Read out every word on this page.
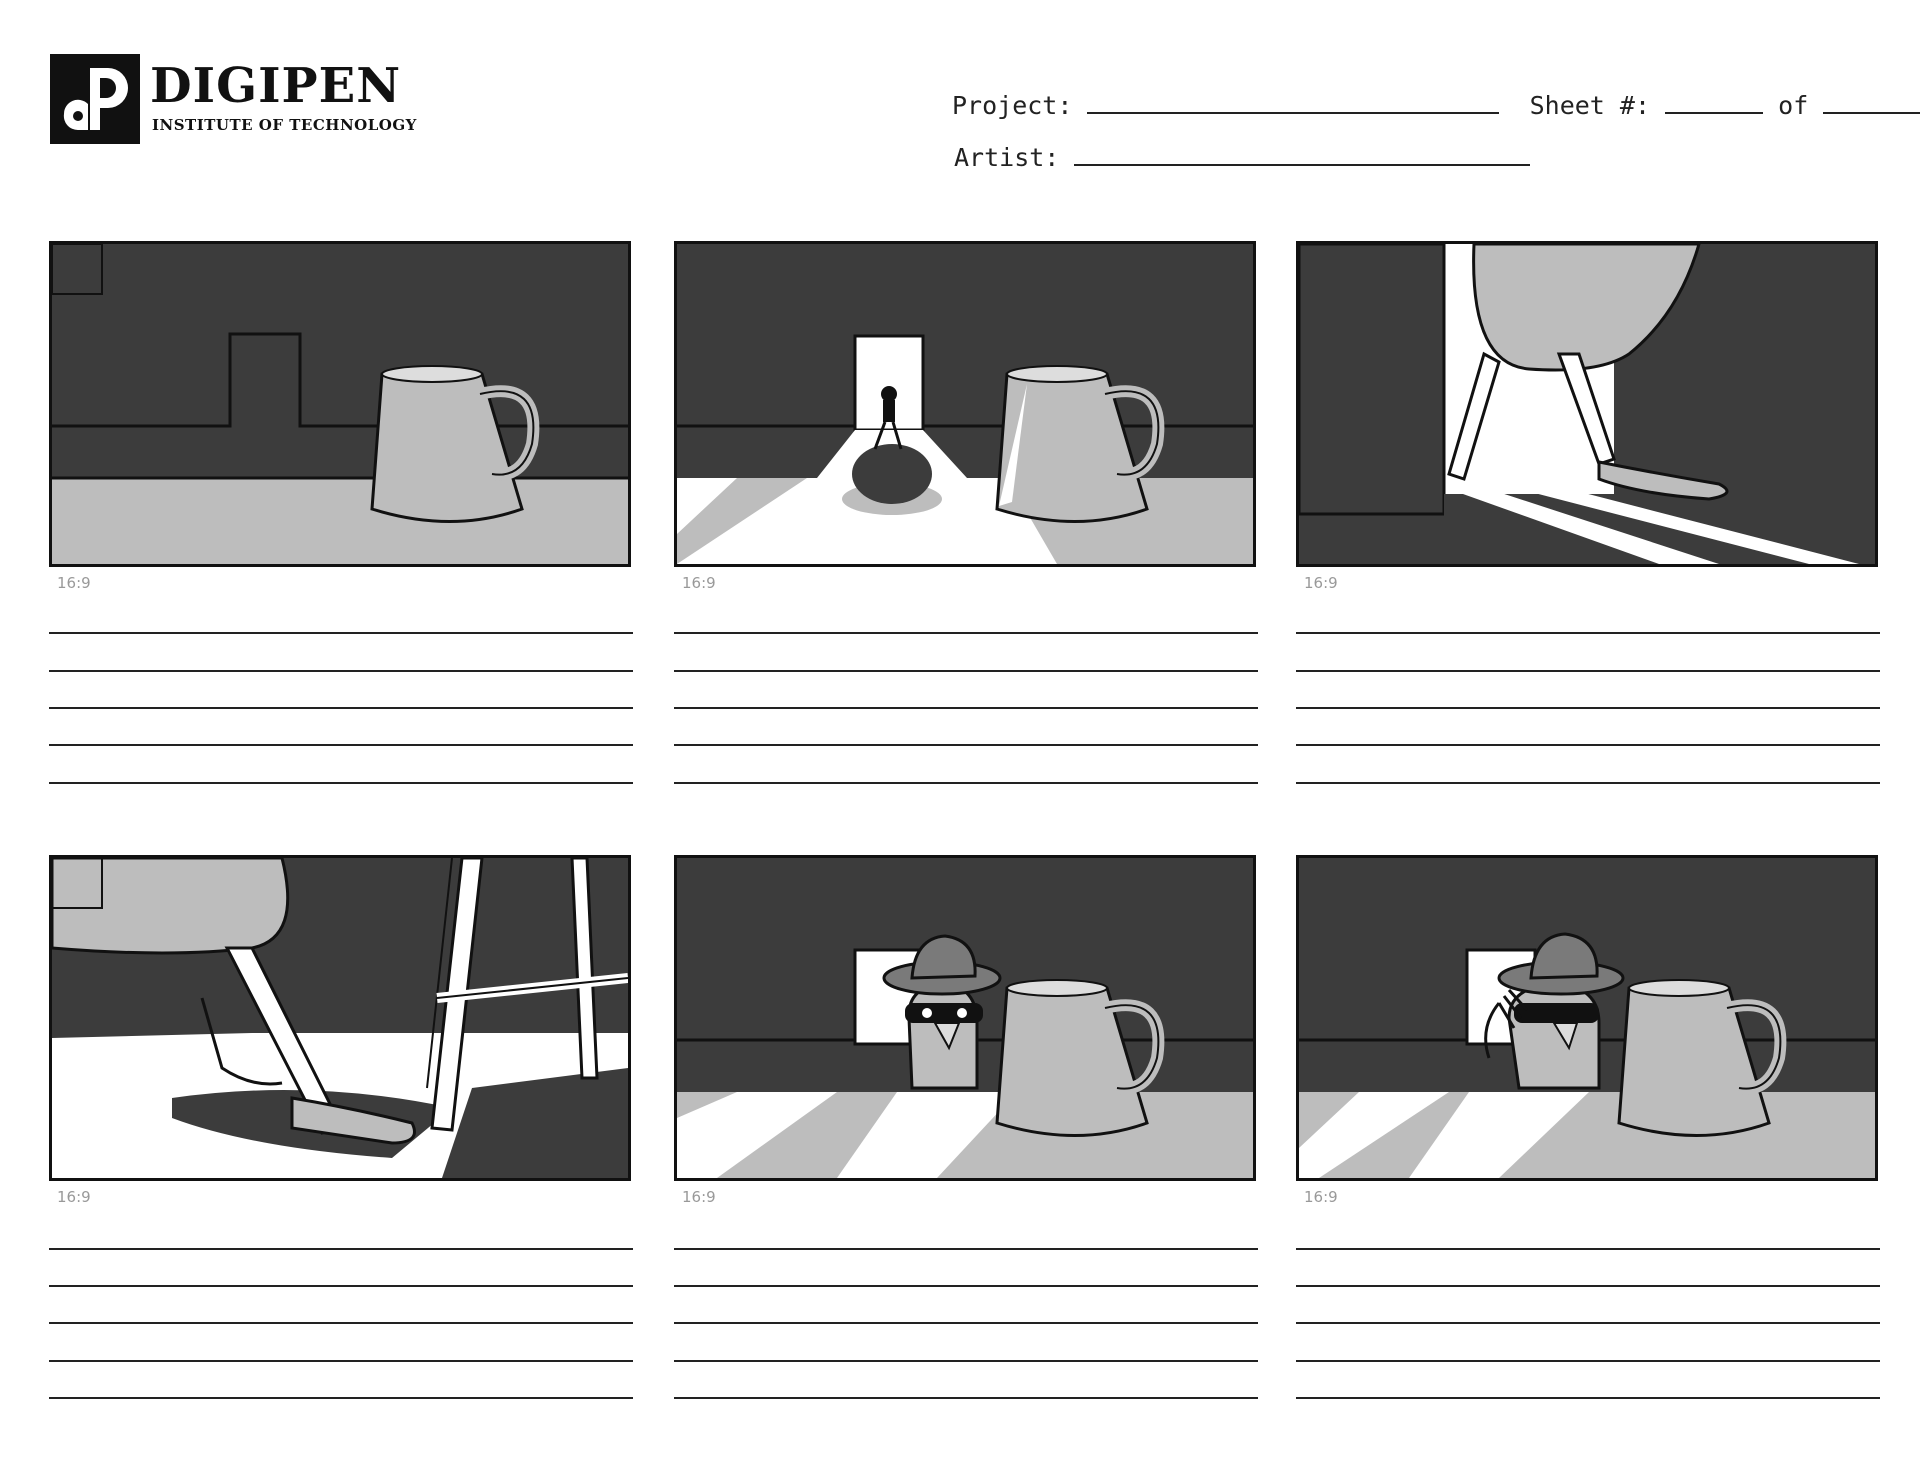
DIGIPEN
INSTITUTE OF TECHNOLOGY
Project:	Sheet #:	of
Artist:
16:9	16:9	16:9
16:9	16:9	16:9
